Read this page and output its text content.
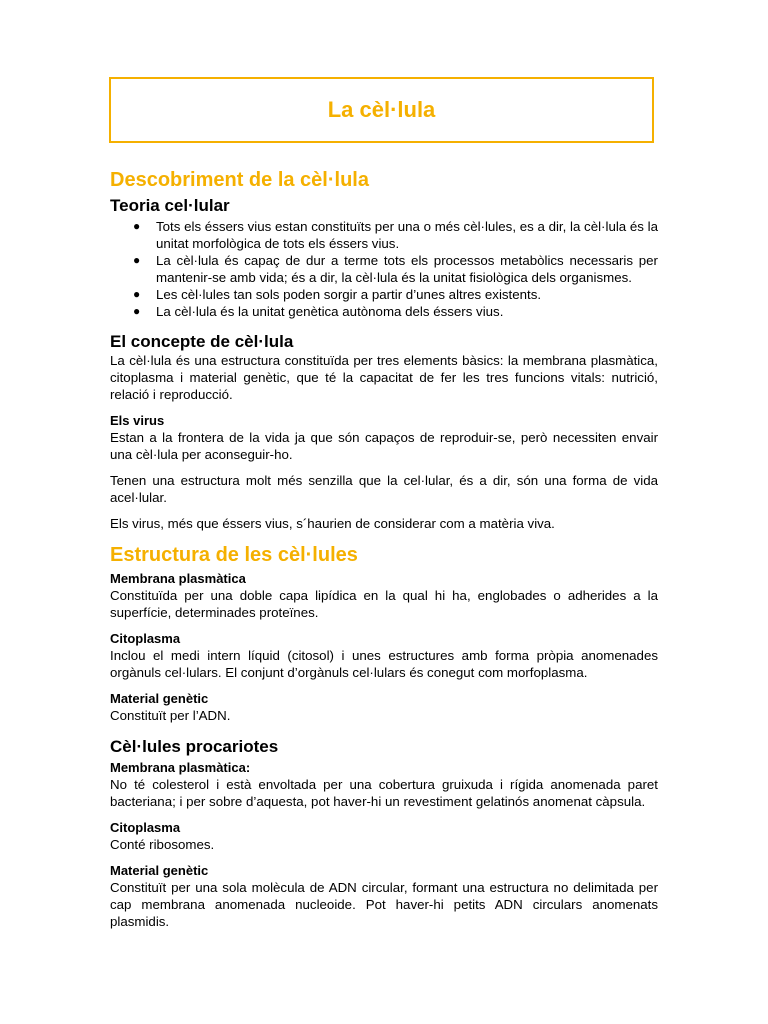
La cèl·lula
Descobriment de la cèl·lula
Teoria cel·lular
● Tots els éssers vius estan constituïts per una o més cèl·lules, es a dir, la cèl·lula és la unitat morfològica de tots els éssers vius.
● La cèl·lula és capaç de dur a terme tots els processos metabòlics necessaris per mantenir-se amb vida; és a dir, la cèl·lula és la unitat fisiològica dels organismes.
● Les cèl·lules tan sols poden sorgir a partir d’unes altres existents.
● La cèl·lula és la unitat genètica autònoma dels éssers vius.
El concepte de cèl·lula

La cèl·lula és una estructura constituïda per tres elements bàsics: la membrana plasmàtica, citoplasma i material genètic, que té la capacitat de fer les tres funcions vitals: nutrició, relació i reproducció.

Els virus

Estan a la frontera de la vida ja que són capaços de reproduir-se, però necessiten envair una cèl·lula per aconseguir-ho.

Tenen una estructura molt més senzilla que la cel·lular, és a dir, són una forma de vida acel·lular.

Els virus, més que éssers vius, s´haurien de considerar com a matèria viva.

Estructura de les cèl·lules
Membrana plasmàtica

Constituïda per una doble capa lipídica en la qual hi ha, englobades o adherides a la superfície, determinades proteïnes.

Citoplasma

Inclou el medi intern líquid (citosol) i unes estructures amb forma pròpia anomenades orgànuls cel·lulars. El conjunt d’orgànuls cel·lulars és conegut com morfoplasma.

Material genètic

Constituït per l’ADN.

Cèl·lules procariotes
Membrana plasmàtica:

No té colesterol i està envoltada per una cobertura gruixuda i rígida anomenada paret bacteriana; i per sobre d’aquesta, pot haver-hi un revestiment gelatinós anomenat càpsula.

Citoplasma

Conté ribosomes.

Material genètic

Constituït per una sola molècula de ADN circular, formant una estructura no delimitada per cap membrana anomenada nucleoide. Pot haver-hi petits ADN circulars anomenats plasmidis.
